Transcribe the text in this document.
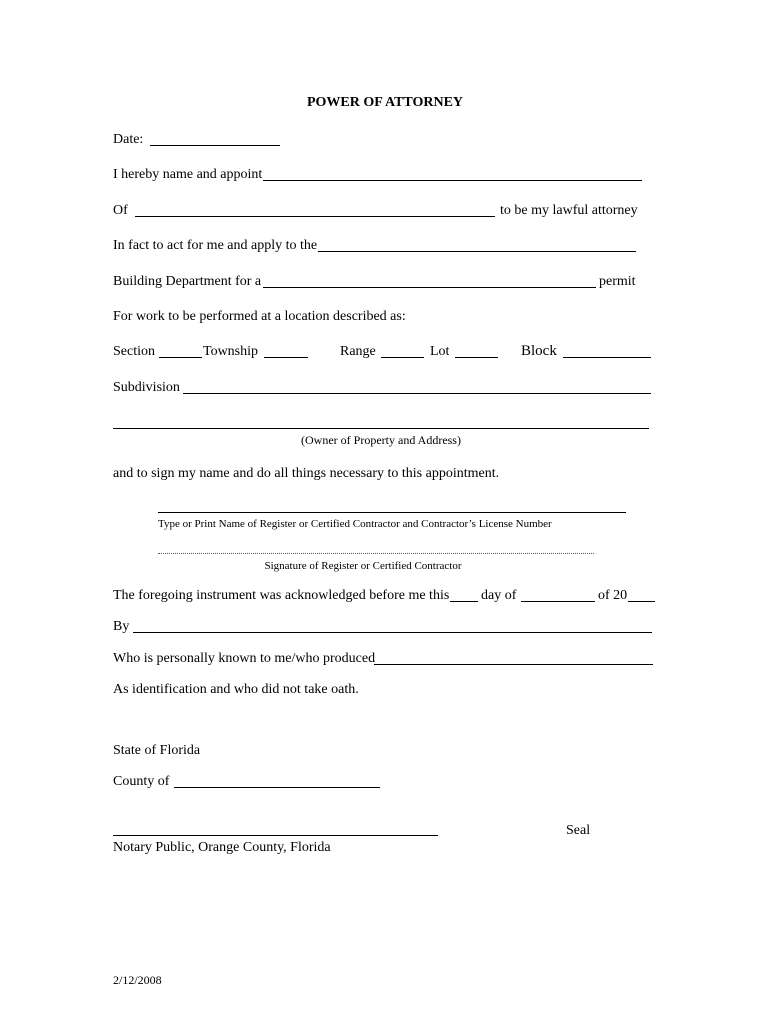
POWER OF ATTORNEY
Date:
I hereby name and appoint
Of	to be my lawful attorney
In fact to act for me and apply to the
Building Department for a	permit
For work to be performed at a location described as:
Section	Township	Range	Lot	Block
Subdivision
(Owner of Property and Address)
and to sign my name and do all things necessary to this appointment.
Type or Print Name of Register or Certified Contractor and Contractor’s License Number
Signature of Register or Certified Contractor
The foregoing instrument was acknowledged before me this day of	of 20
By
Who is personally known to me/who produced
As identification and who did not take oath.
State of Florida
County of
Seal
Notary Public, Orange County, Florida
2/12/2008
